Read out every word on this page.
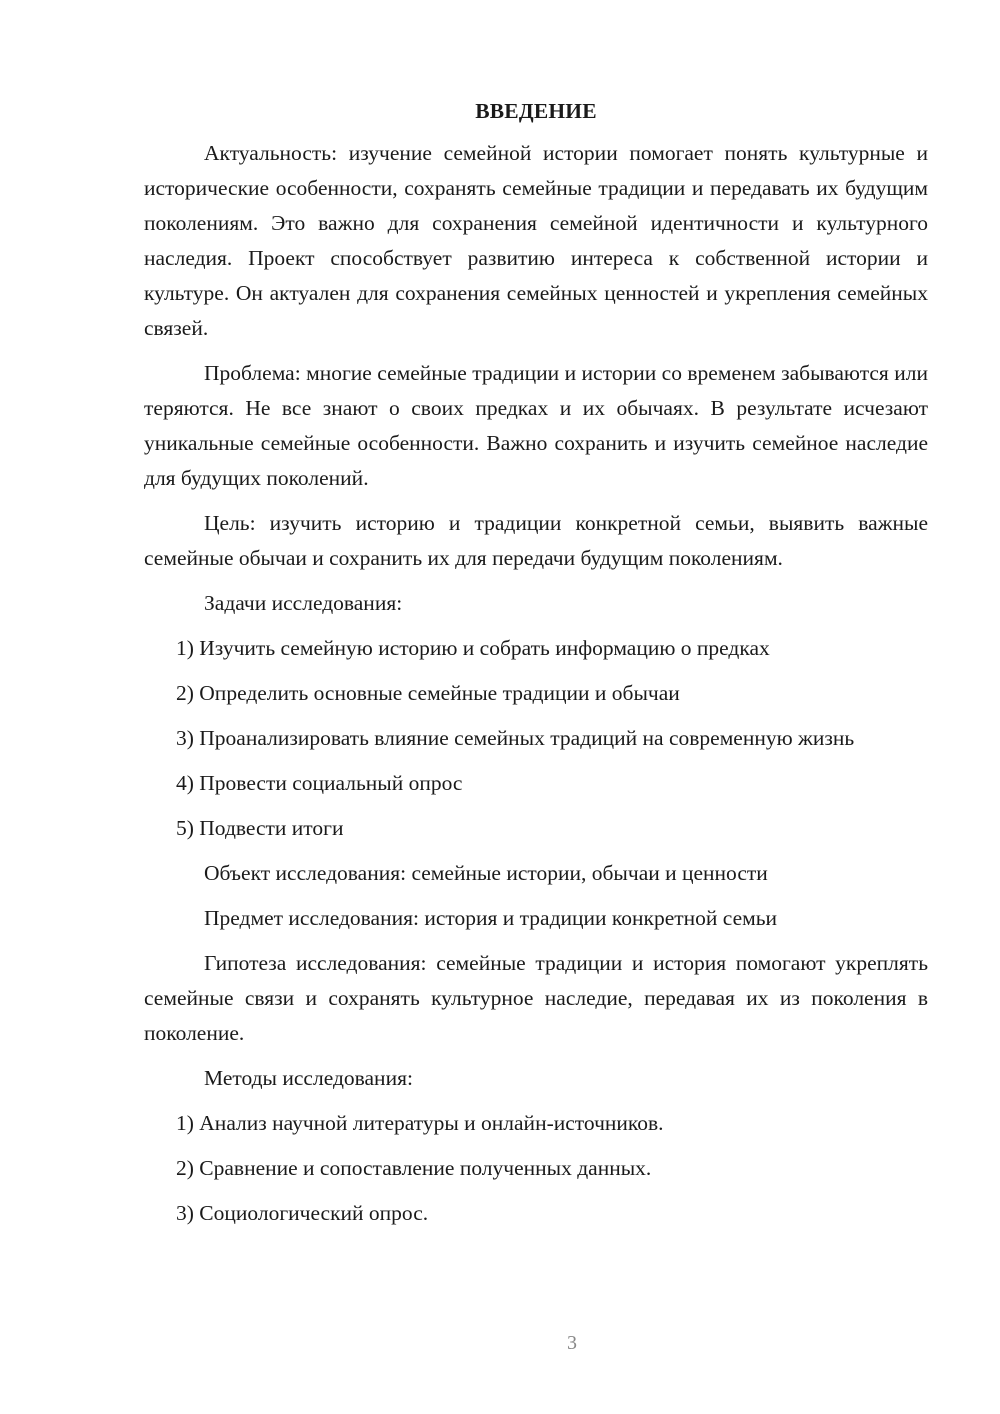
ВВЕДЕНИЕ

Актуальность: изучение семейной истории помогает понять культурные и исторические особенности, сохранять семейные традиции и передавать их будущим поколениям. Это важно для сохранения семейной идентичности и культурного наследия. Проект способствует развитию интереса к собственной истории и культуре. Он актуален для сохранения семейных ценностей и укрепления семейных связей.

Проблема: многие семейные традиции и истории со временем забываются или теряются. Не все знают о своих предках и их обычаях. В результате исчезают уникальные семейные особенности. Важно сохранить и изучить семейное наследие для будущих поколений.

Цель: изучить историю и традиции конкретной семьи, выявить важные семейные обычаи и сохранить их для передачи будущим поколениям.

Задачи исследования:

1) Изучить семейную историю и собрать информацию о предках

2) Определить основные семейные традиции и обычаи

3) Проанализировать влияние семейных традиций на современную жизнь

4) Провести социальный опрос

5) Подвести итоги

Объект исследования: семейные истории, обычаи и ценности

Предмет исследования: история и традиции конкретной семьи

Гипотеза исследования: семейные традиции и история помогают укреплять семейные связи и сохранять культурное наследие, передавая их из поколения в поколение.

Методы исследования:

1) Анализ научной литературы и онлайн-источников.

2) Сравнение и сопоставление полученных данных.

3) Социологический опрос.

3
